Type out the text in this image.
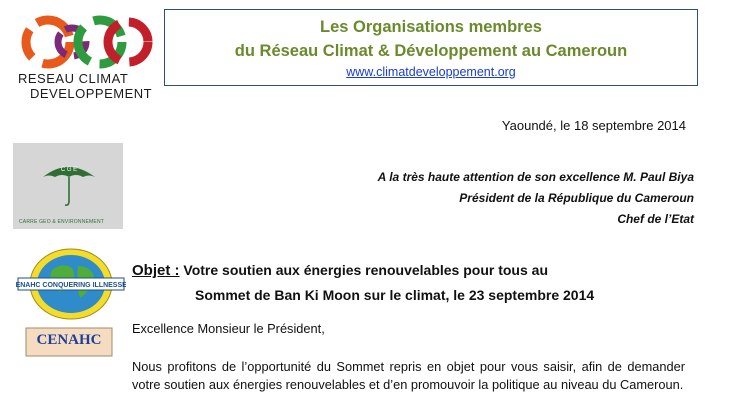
RESEAU CLIMAT
DEVELOPPEMENT
Les Organisations membres
du Réseau Climat & Développement au Cameroun
www.climatdeveloppement.org
Yaoundé, le 18 septembre 2014
A la très haute attention de son excellence M. Paul Biya
Président de la République du Cameroun
Chef de l’Etat
C G E
CARRE GEO & ENVIRONNEMENT
CENAHC CONQUERING ILLNESSES
CENAHC
Objet : Votre soutien aux énergies renouvelables pour tous au
Sommet de Ban Ki Moon sur le climat, le 23 septembre 2014
Excellence Monsieur le Président,
Nous profitons de l’opportunité du Sommet repris en objet pour vous saisir, afin de demander votre soutien aux énergies renouvelables et d’en promouvoir la politique au niveau du Cameroun.
